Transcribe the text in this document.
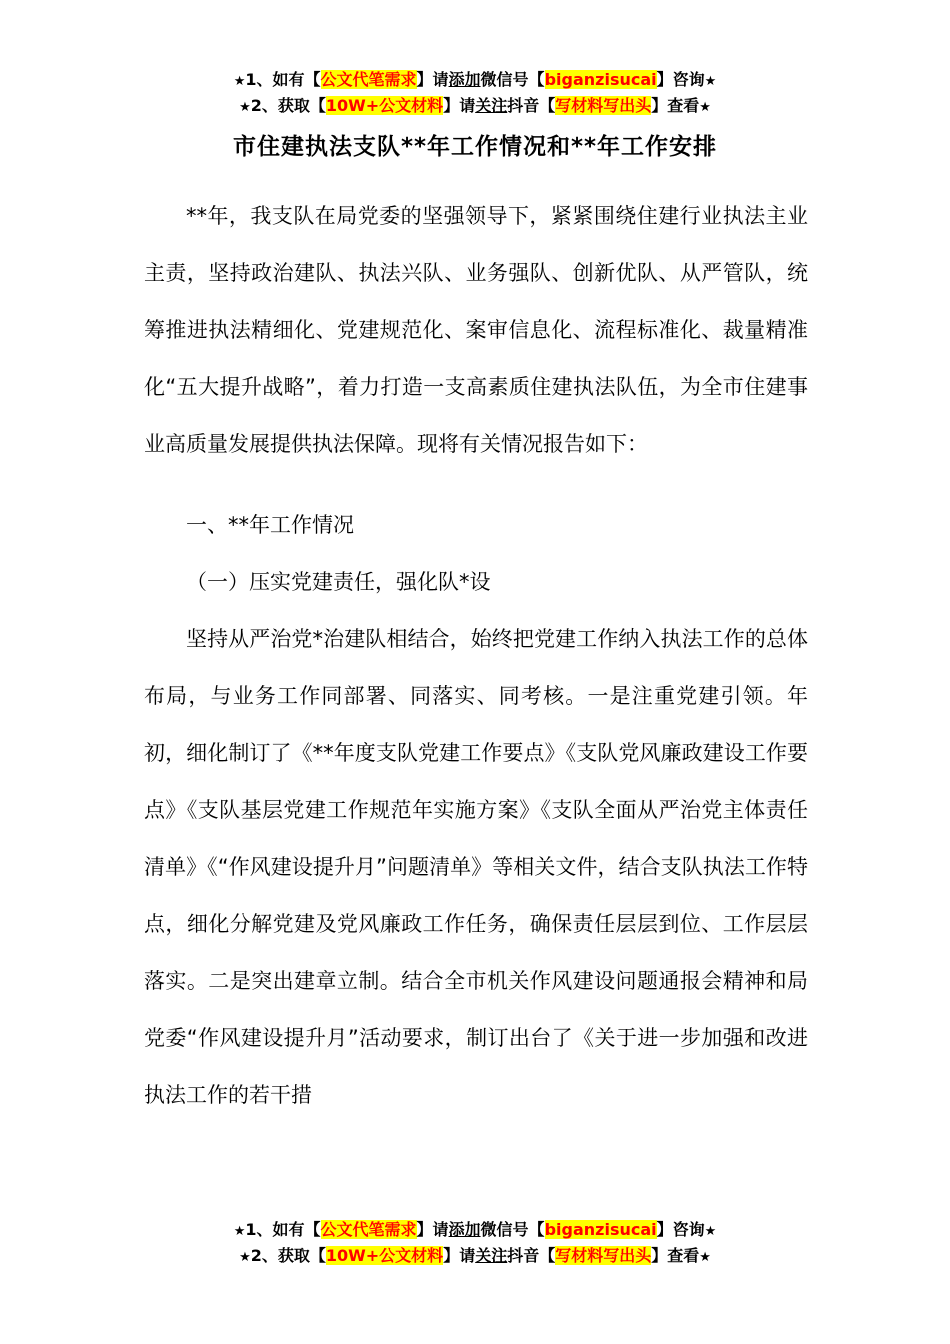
★1、如有【公文代笔需求】请添加微信号【biganzisucai】咨询★
★2、获取【10W+公文材料】请关注抖音【写材料写出头】查看★
市住建执法支队**年工作情况和**年工作安排

**年，我支队在局党委的坚强领导下，紧紧围绕住建行业执法主业主责，坚持政治建队、执法兴队、业务强队、创新优队、从严管队，统筹推进执法精细化、党建规范化、案审信息化、流程标准化、裁量精准化“五大提升战略”，着力打造一支高素质住建执法队伍，为全市住建事业高质量发展提供执法保障。现将有关情况报告如下：

一、**年工作情况

（一）压实党建责任，强化队*设

坚持从严治党*治建队相结合，始终把党建工作纳入执法工作的总体布局，与业务工作同部署、同落实、同考核。一是注重党建引领。年初，细化制订了《**年度支队党建工作要点》《支队党风廉政建设工作要点》《支队基层党建工作规范年实施方案》《支队全面从严治党主体责任清单》《“作风建设提升月”问题清单》等相关文件，结合支队执法工作特点，细化分解党建及党风廉政工作任务，确保责任层层到位、工作层层落实。二是突出建章立制。结合全市机关作风建设问题通报会精神和局党委“作风建设提升月”活动要求，制订出台了《关于进一步加强和改进执法工作的若干措

★1、如有【公文代笔需求】请添加微信号【biganzisucai】咨询★
★2、获取【10W+公文材料】请关注抖音【写材料写出头】查看★
